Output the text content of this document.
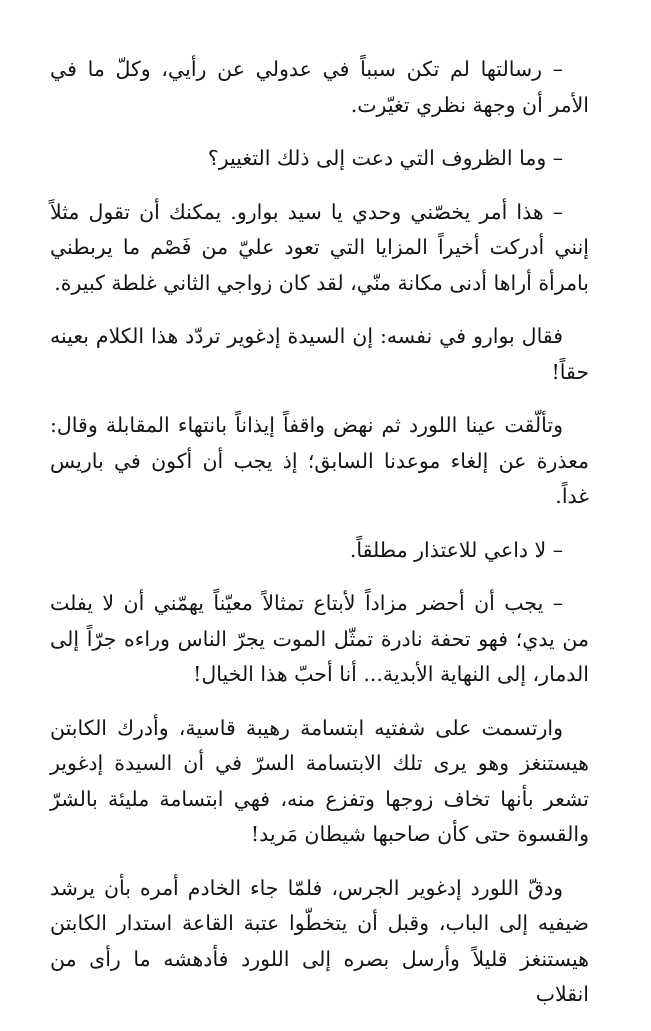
– رسالتها لم تكن سبباً في عدولي عن رأيي، وكلّ ما في الأمر أن وجهة نظري تغيّرت.

– وما الظروف التي دعت إلى ذلك التغيير؟

– هذا أمر يخصّني وحدي يا سيد بوارو. يمكنك أن تقول مثلاً إنني أدركت أخيراً المزايا التي تعود عليّ من فَصْم ما يربطني بامرأة أراها أدنى مكانة منّي، لقد كان زواجي الثاني غلطة كبيرة.

فقال بوارو في نفسه: إن السيدة إدغوير تردّد هذا الكلام بعينه حقاً!

وتألّقت عينا اللورد ثم نهض واقفاً إيذاناً بانتهاء المقابلة وقال: معذرة عن إلغاء موعدنا السابق؛ إذ يجب أن أكون في باريس غداً.

– لا داعي للاعتذار مطلقاً.

– يجب أن أحضر مزاداً لأبتاع تمثالاً معيّناً يهمّني أن لا يفلت من يدي؛ فهو تحفة نادرة تمثّل الموت يجرّ الناس وراءه جرّاً إلى الدمار، إلى النهاية الأبدية... أنا أحبّ هذا الخيال!

وارتسمت على شفتيه ابتسامة رهيبة قاسية، وأدرك الكابتن هيستنغز وهو يرى تلك الابتسامة السرّ في أن السيدة إدغوير تشعر بأنها تخاف زوجها وتفزع منه، فهي ابتسامة مليئة بالشرّ والقسوة حتى كأن صاحبها شيطان مَريد!

ودقّ اللورد إدغوير الجرس، فلمّا جاء الخادم أمره بأن يرشد ضيفيه إلى الباب، وقبل أن يتخطّوا عتبة القاعة استدار الكابتن هيستنغز قليلاً وأرسل بصره إلى اللورد فأدهشه ما رأى من انقلاب
